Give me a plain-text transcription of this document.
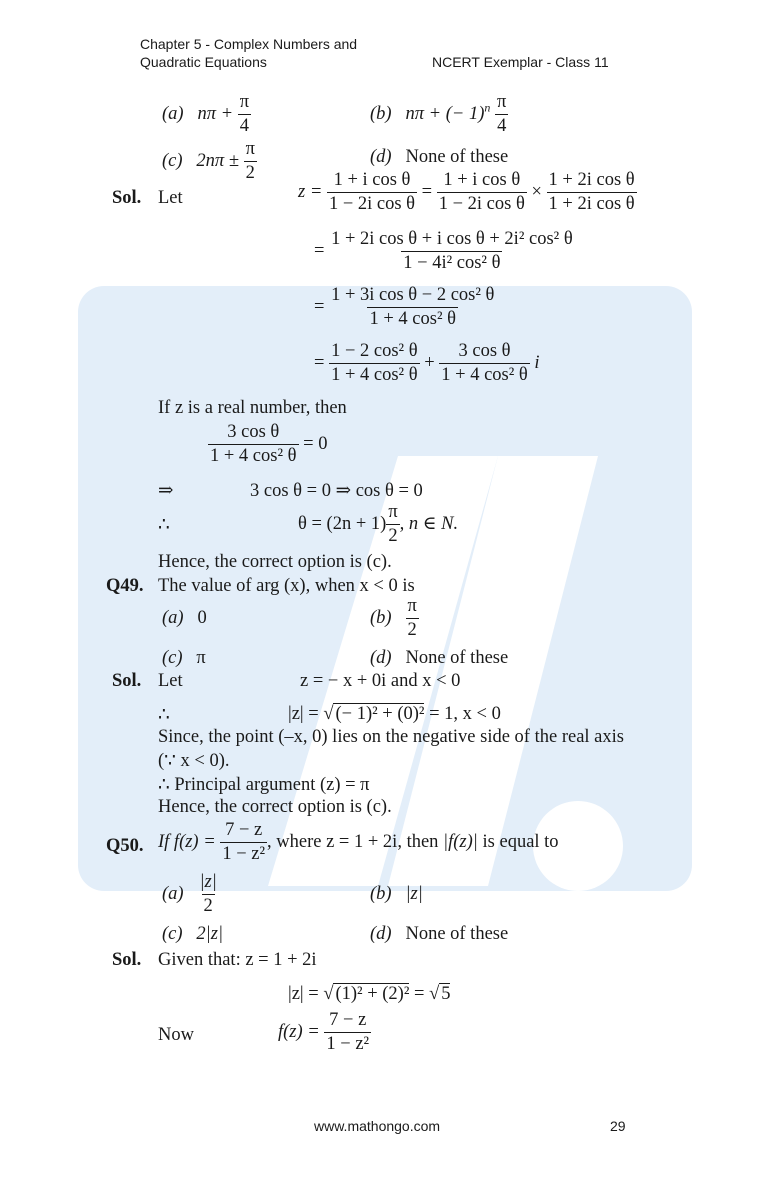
Chapter 5 - Complex Numbers and
Quadratic Equations	NCERT Exemplar - Class 11
(a) $n\pi + \frac{\pi}{4}$	(b) nπ + (− $1)^n \frac{\pi}{4}$
(c) $2n\pi \pm \frac{\pi}{2}$	(d) None of these
Sol. Let	$z = \frac{\text{1 + i cos θ}}{\text{1 − 2i cos θ}} = \frac{\text{1 + i cos θ}}{\text{1 − 2i cos θ}} \times \frac{\text{1 + 2i cos θ}}{\text{1 + 2i cos θ}}$
= $\frac{\text{1 + 2i cos θ + i cos θ + 2i² cos² θ}}{\text{1 − 4i² cos² θ}}$
= $\frac{\text{1 + 3i cos θ − 2 cos² θ}}{\text{1 + 4 cos² θ}}$
= $\frac{\text{1 − 2 cos² θ}}{\text{1 + 4 cos² θ}} + \frac{\text{3 cos θ}}{\text{1 + 4 cos² θ}}$ i
If z is a real number, then
$\frac{\text{3 cos θ}}{\text{1 + 4 cos² θ}} = 0$
⇒	3 cos θ = 0 ⇒ cos θ = 0
∴	$\theta = (2n + 1) \frac{\pi}{2}$ , n ∈ N.
Hence, the correct option is (c).
Q49. The value of arg (x), when x < 0 is
(a) 0	$(b) \frac{\pi}{2}$
(c) π	(d) None of these
Sol. Let	z = − x + 0i and x < 0
∴	|z| = √ (− 1)² + (0)² = 1, x < 0
Since, the point (–x, 0) lies on the negative side of the real axis
(∵ x < 0).
∴ Principal argument (z) = π
Hence, the correct option is (c).
Q50. If $f(z) = \frac{7 - z}{\text{1 − z²}}$ , where z = 1 + 2i, then |f(z)| is equal to
$(a) \frac{|z|}{2}$	(b) |z|
(c) 2|z|	(d) None of these
Sol. Given that: z = 1 + 2i
|z| = √ (1)² + (2)² = √ 5
Now	$f(z) = \frac{7 - z}{\text{1 − z²}}$
www.mathongo.com	29
